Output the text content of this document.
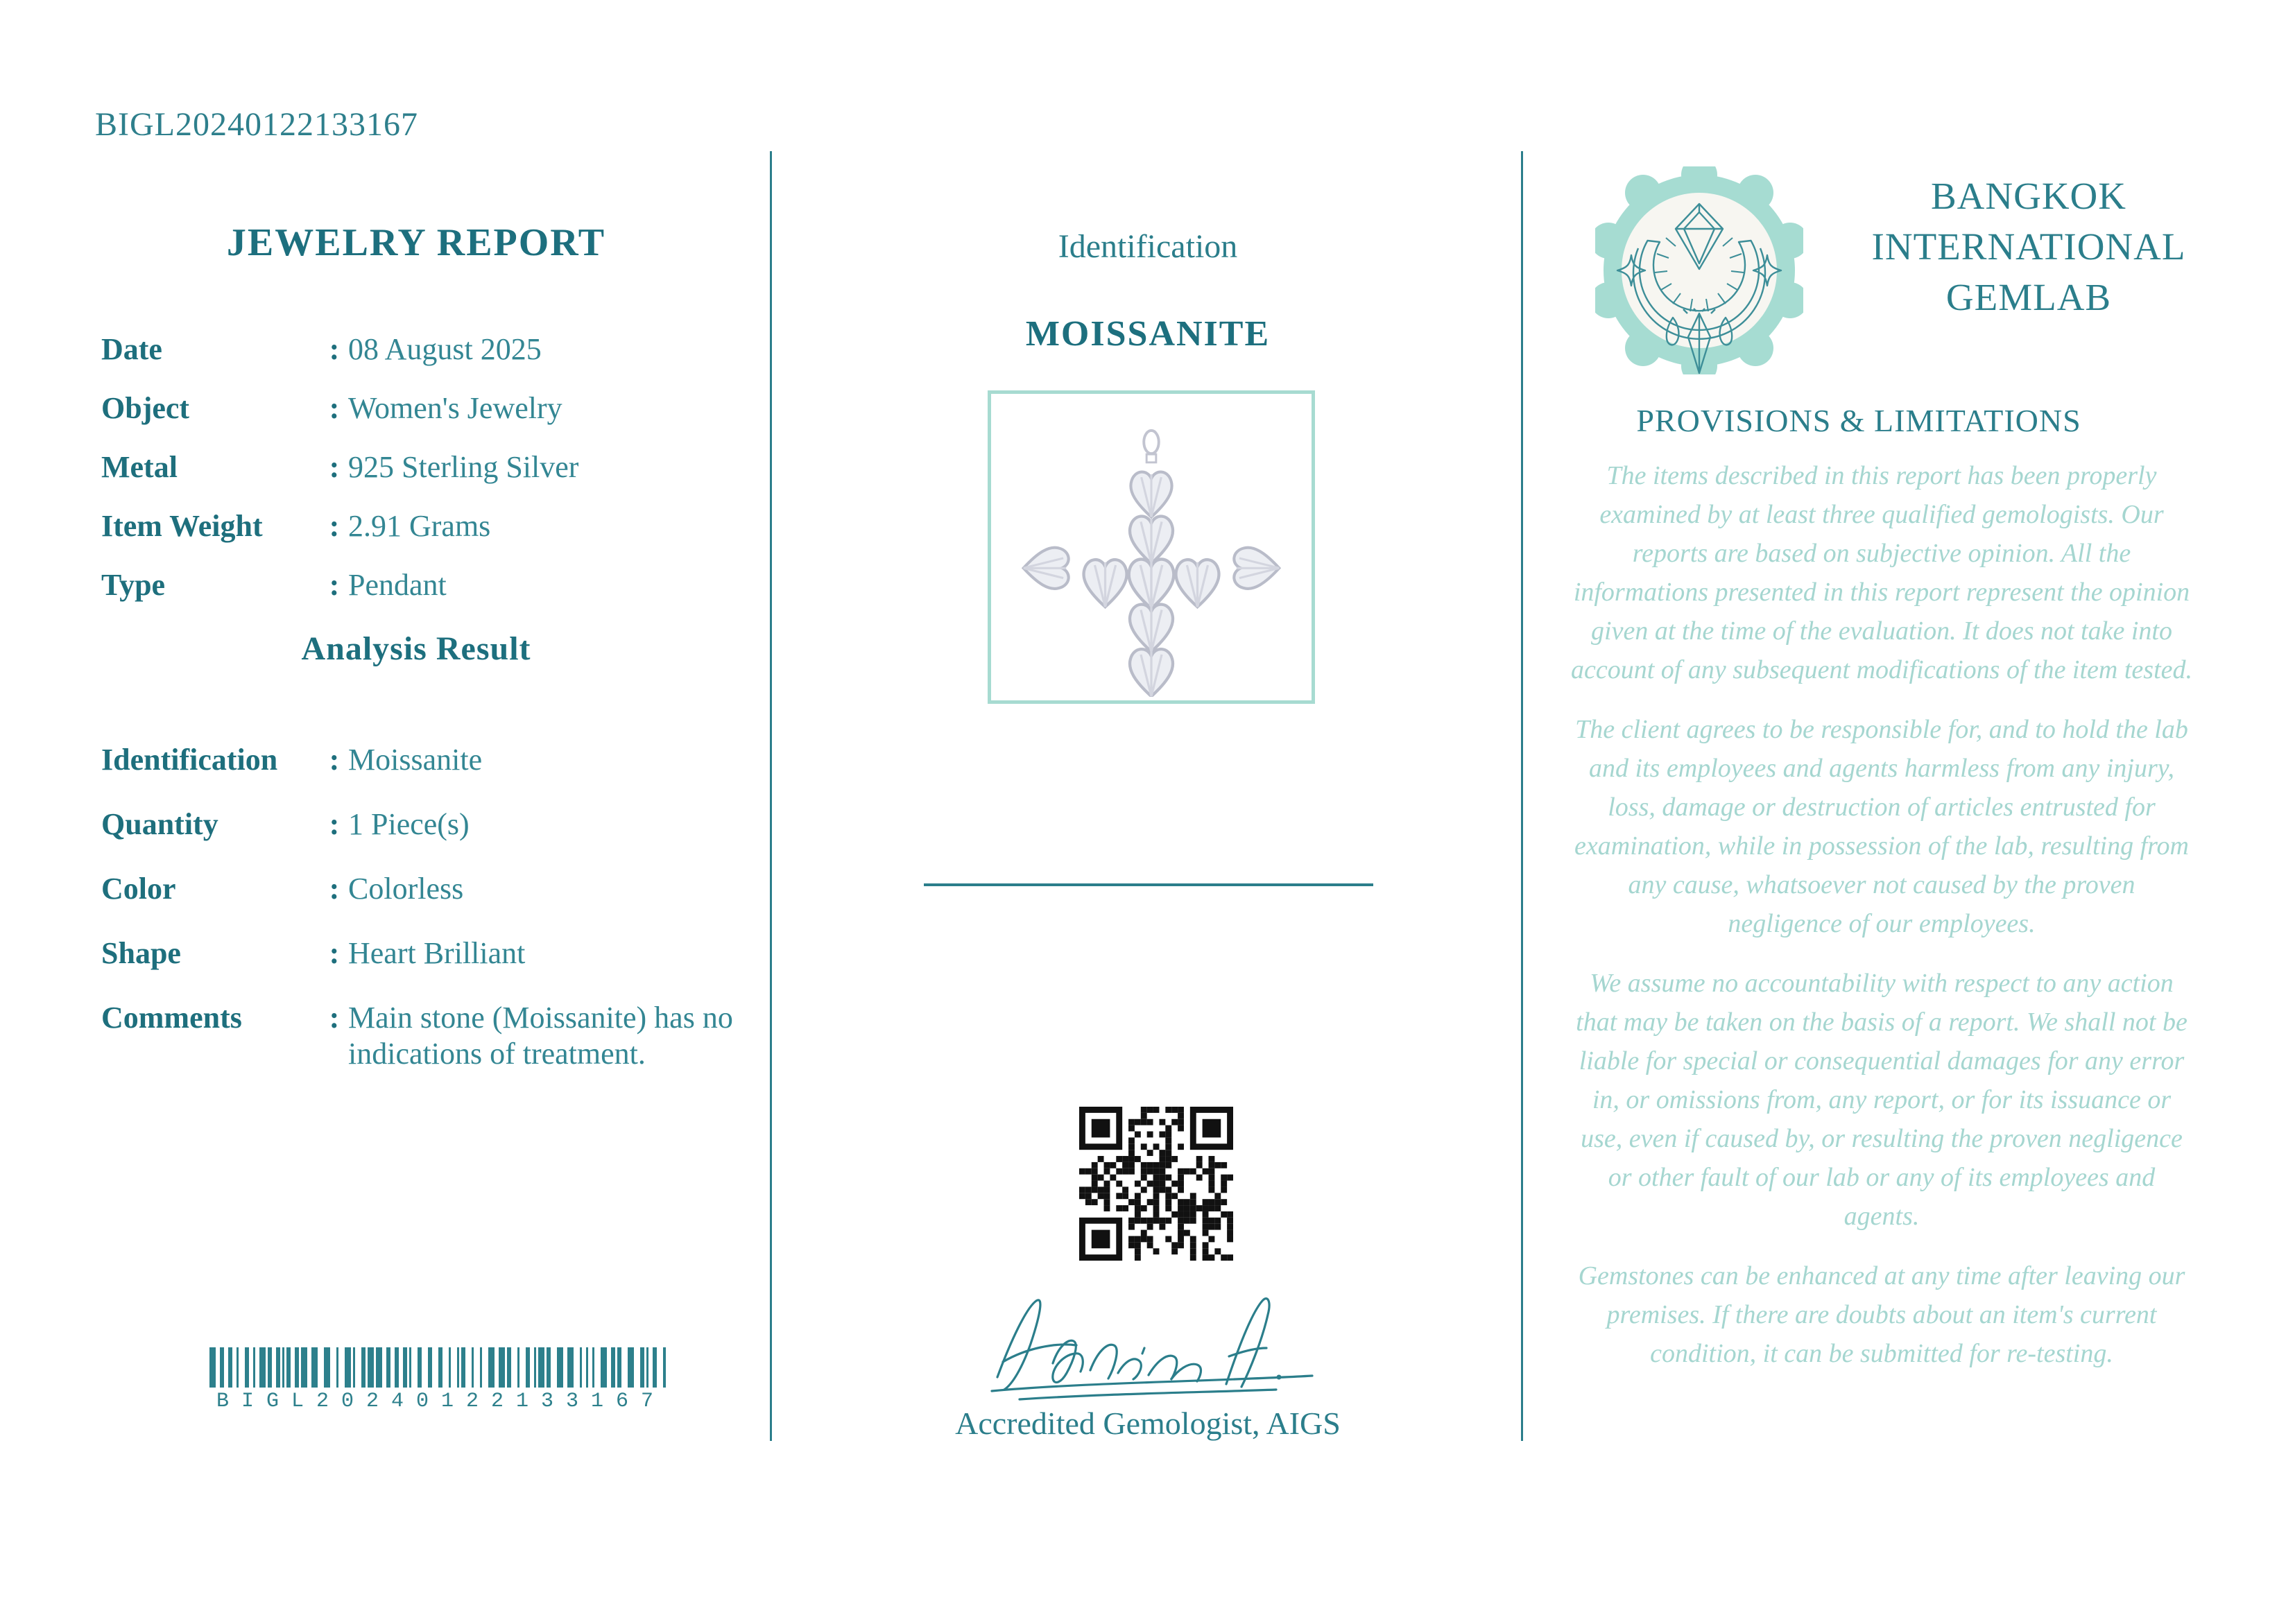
BIGL20240122133167
JEWELRY REPORT
Date	: 08 August 2025
Object	: Women's Jewelry
Metal	: 925 Sterling Silver
Item Weight	: 2.91 Grams
Type	: Pendant
Analysis Result
Identification	: Moissanite
Quantity	: 1 Piece(s)
Color	: Colorless
Shape	: Heart Brilliant
Comments	: Main stone (Moissanite) has no indications of treatment.
BIGL20240122133167
Identification
MOISSANITE
Accredited Gemologist, AIGS
BANGKOK
INTERNATIONAL
GEMLAB
PROVISIONS & LIMITATIONS

The items described in this report has been properly examined by at least three qualified gemologists. Our reports are based on subjective opinion. All the informations presented in this report represent the opinion given at the time of the evaluation. It does not take into account of any subsequent modifications of the item tested.

The client agrees to be responsible for, and to hold the lab and its employees and agents harmless from any injury, loss, damage or destruction of articles entrusted for examination, while in possession of the lab, resulting from any cause, whatsoever not caused by the proven negligence of our employees.

We assume no accountability with respect to any action that may be taken on the basis of a report. We shall not be liable for special or consequential damages for any error in, or omissions from, any report, or for its issuance or use, even if caused by, or resulting the proven negligence or other fault of our lab or any of its employees and agents.

Gemstones can be enhanced at any time after leaving our premises. If there are doubts about an item's current condition, it can be submitted for re-testing.
